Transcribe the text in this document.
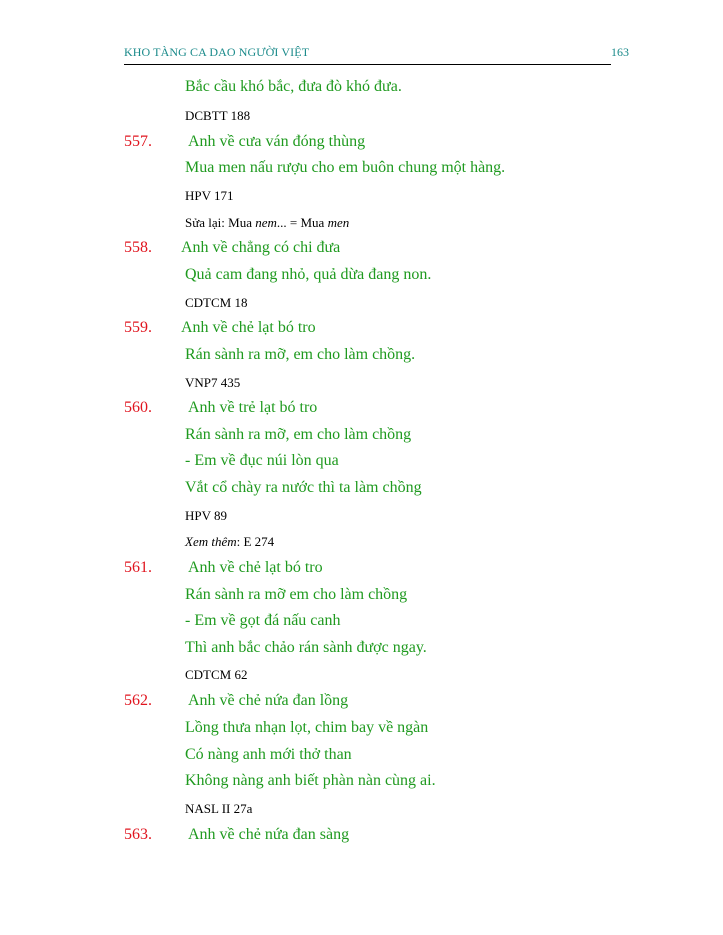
KHO TÀNG CA DAO NGƯỜI VIỆT	163
Bắc cầu khó bắc, đưa đò khó đưa.
DCBTT 188
557. Anh về cưa ván đóng thùng
Mua men nấu rượu cho em buôn chung một hàng.
HPV 171
Sửa lại: Mua nem... = Mua men
558. Anh về chẳng có chi đưa
Quả cam đang nhỏ, quả dừa đang non.
CDTCM 18
559. Anh về chẻ lạt bó tro
Rán sành ra mỡ, em cho làm chồng.
VNP7 435
560. Anh về trẻ lạt bó tro
Rán sành ra mỡ, em cho làm chồng
- Em về đục núi lòn qua
Vắt cổ chày ra nước thì ta làm chồng
HPV 89
Xem thêm: E 274
561. Anh về chẻ lạt bó tro
Rán sành ra mỡ em cho làm chồng
- Em về gọt đá nấu canh
Thì anh bắc chảo rán sành được ngay.
CDTCM 62
562. Anh về chẻ nứa đan lồng
Lồng thưa nhạn lọt, chim bay về ngàn
Có nàng anh mới thở than
Không nàng anh biết phàn nàn cùng ai.
NASL II 27a
563. Anh về chẻ nứa đan sàng
